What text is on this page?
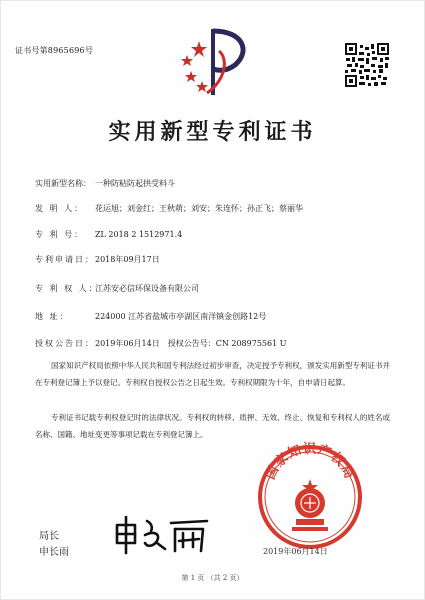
证书号第8965696号
实用新型专利证书
实用新型名称： 一种防粘防起拱受料斗
发 明 人： 花运旭；刘金红；王秋萌；刘安；朱连怀；孙正飞；蔡丽华
专 利 号： ZL 2018 2 1512971.4
专利申请日：2018年09月17日
专 利 权 人：江苏安必信环保设备有限公司
地 址：	224000 江苏省盐城市亭湖区南洋镇金创路12号
授权公告日：2019年06月14日　授权公告号：CN 208975561 U
国家知识产权局依照中华人民共和国专利法经过初步审查，决定授予专利权，颁发实用新型专利证书并在专利登记簿上予以登记。专利权自授权公告之日起生效。专利权期限为十年，自申请日起算。
专利证书记载专利权登记时的法律状况。专利权的转移、质押、无效、终止、恢复和专利权人的姓名或名称、国籍、地址变更等事项记载在专利登记簿上。
局长
申长雨
国家知识产权局
2019年06月14日
第 1 页 （共 2 页）
